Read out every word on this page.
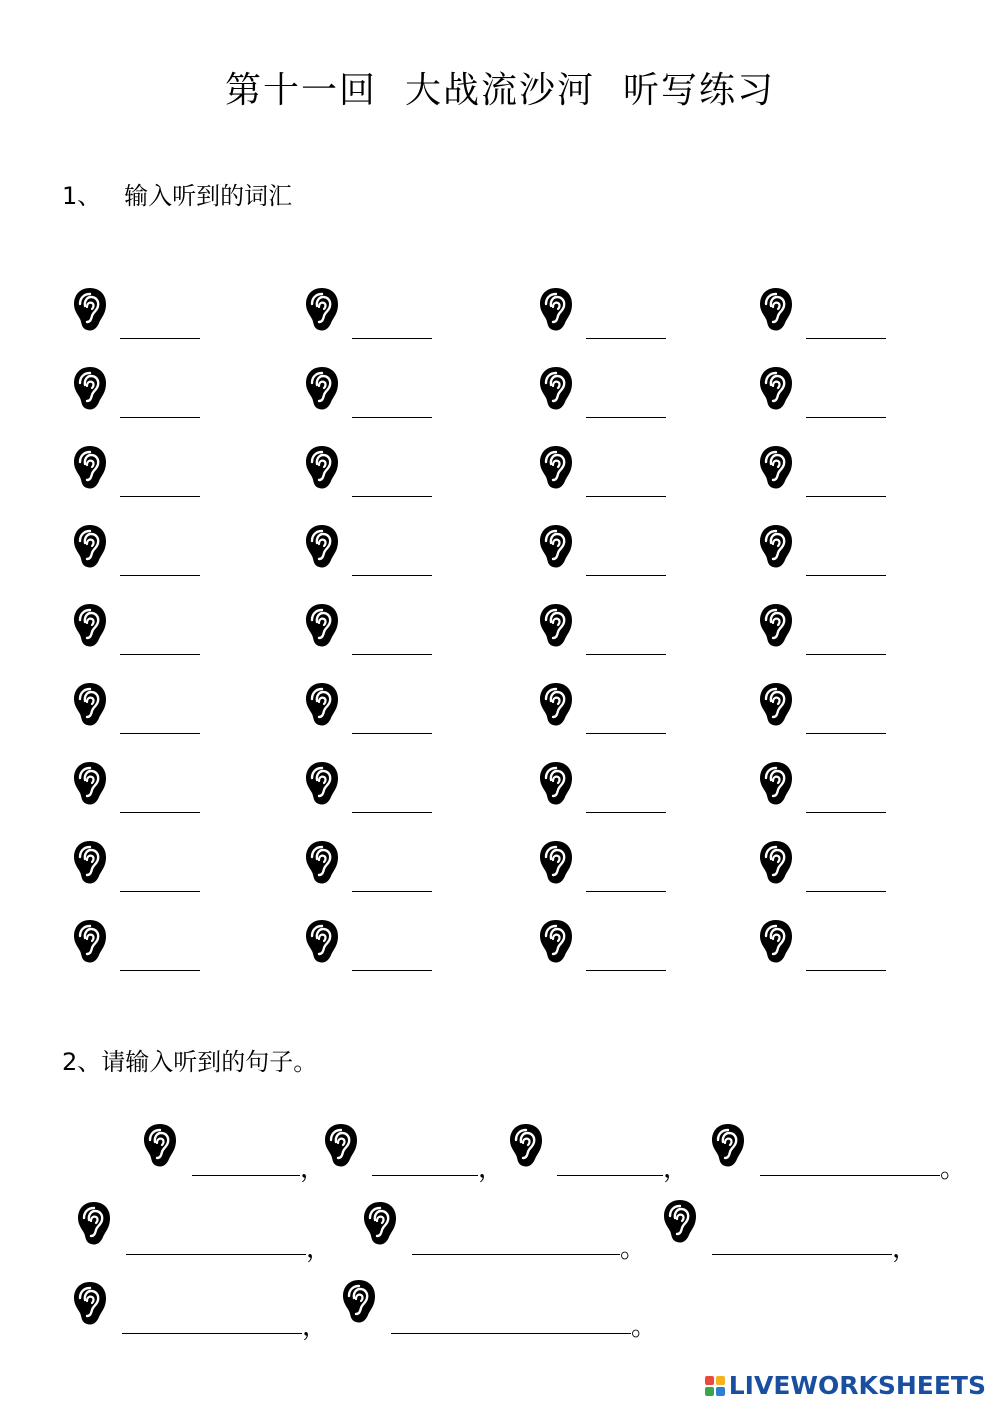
第十一回 大战流沙河 听写练习
1、   输入听到的词汇
2、请输入听到的句子。
，	，	，	。
，	。	，
，	。
LIVEWORKSHEETS
